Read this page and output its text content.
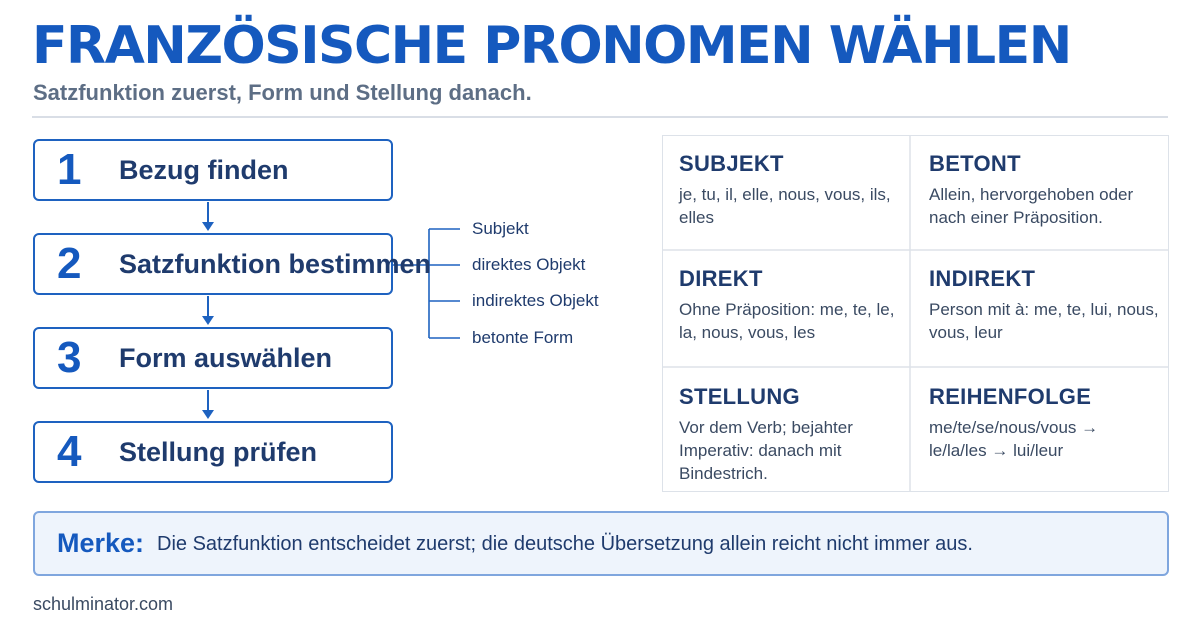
FRANZÖSISCHE PRONOMEN WÄHLEN
Satzfunktion zuerst, Form und Stellung danach.
1 Bezug finden
2 Satzfunktion bestimmen
3 Form auswählen
4 Stellung prüfen
Subjekt
direktes Objekt
indirektes Objekt
betonte Form
SUBJEKT
je, tu, il, elle, nous, vous, ils, elles
BETONT
Allein, hervorgehoben oder nach einer Präposition.
DIREKT
Ohne Präposition: me, te, le, la, nous, vous, les
INDIREKT
Person mit à: me, te, lui, nous, vous, leur
STELLUNG
Vor dem Verb; bejahter Imperativ: danach mit Bindestrich.
REIHENFOLGE
me/te/se/nous/vous → le/la/les → lui/leur
Merke: Die Satzfunktion entscheidet zuerst; die deutsche Übersetzung allein reicht nicht immer aus.
schulminator.com
